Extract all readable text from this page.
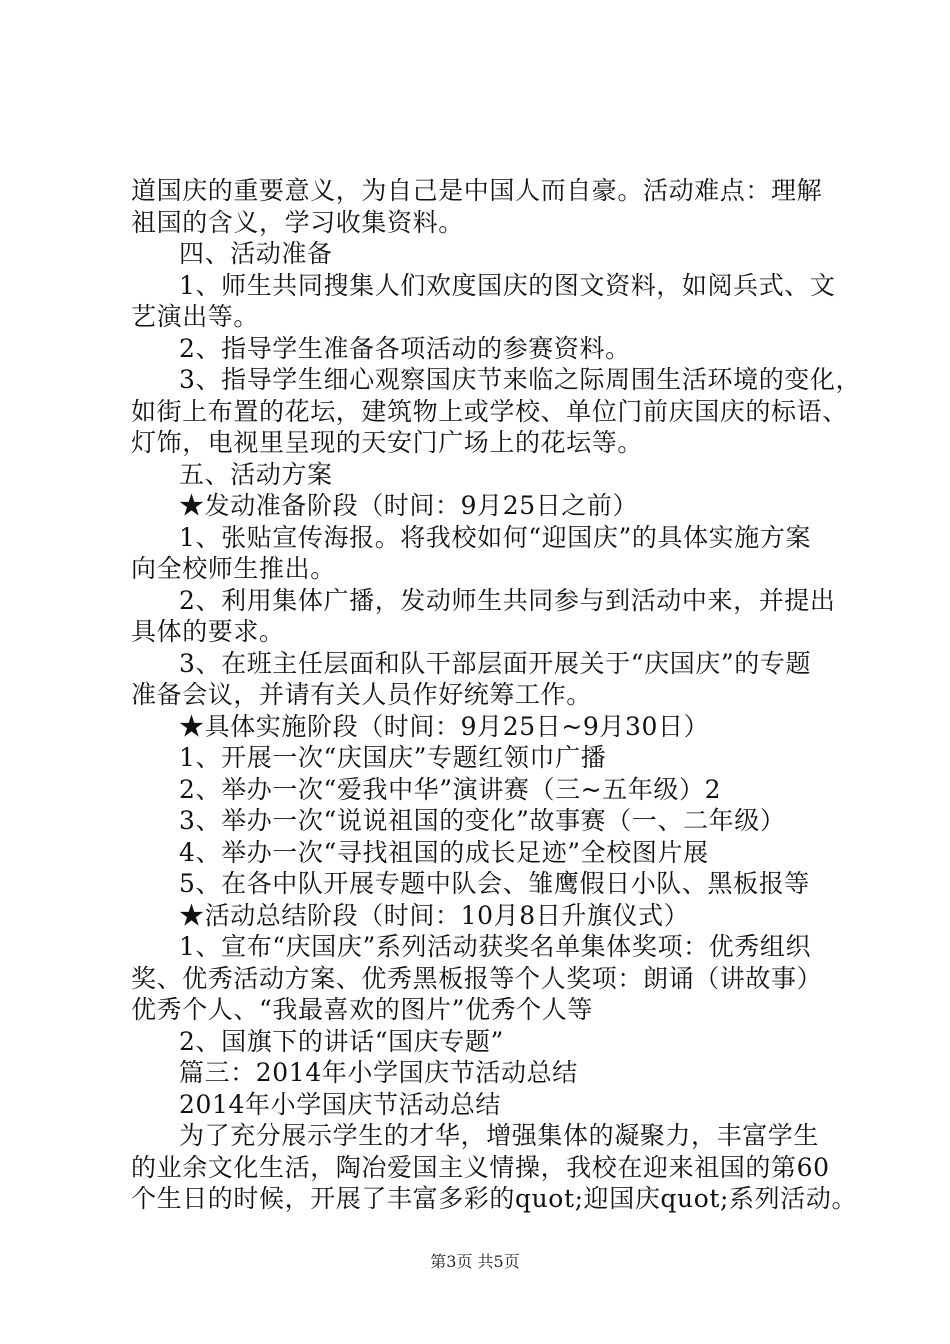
道国庆的重要意义，为自己是中国人而自豪。活动难点：理解
祖国的含义，学习收集资料。
四、活动准备
1、师生共同搜集人们欢度国庆的图文资料，如阅兵式、文
艺演出等。
2、指导学生准备各项活动的参赛资料。
3、指导学生细心观察国庆节来临之际周围生活环境的变化，
如街上布置的花坛，建筑物上或学校、单位门前庆国庆的标语、
灯饰，电视里呈现的天安门广场上的花坛等。
五、活动方案
★发动准备阶段（时间：9月25日之前）
1、张贴宣传海报。将我校如何“迎国庆”的具体实施方案
向全校师生推出。
2、利用集体广播，发动师生共同参与到活动中来，并提出
具体的要求。
3、在班主任层面和队干部层面开展关于“庆国庆”的专题
准备会议，并请有关人员作好统筹工作。
★具体实施阶段（时间：9月25日~9月30日）
1、开展一次“庆国庆”专题红领巾广播
2、举办一次“爱我中华”演讲赛（三~五年级）2
3、举办一次“说说祖国的变化”故事赛（一、二年级）
4、举办一次“寻找祖国的成长足迹”全校图片展
5、在各中队开展专题中队会、雏鹰假日小队、黑板报等
★活动总结阶段（时间：10月8日升旗仪式）
1、宣布“庆国庆”系列活动获奖名单集体奖项：优秀组织
奖、优秀活动方案、优秀黑板报等个人奖项：朗诵（讲故事）
优秀个人、“我最喜欢的图片”优秀个人等
2、国旗下的讲话“国庆专题”
篇三：2014年小学国庆节活动总结
2014年小学国庆节活动总结
为了充分展示学生的才华，增强集体的凝聚力，丰富学生
的业余文化生活，陶冶爱国主义情操，我校在迎来祖国的第60
个生日的时候，开展了丰富多彩的quot;迎国庆quot;系列活动。
第3页 共5页
